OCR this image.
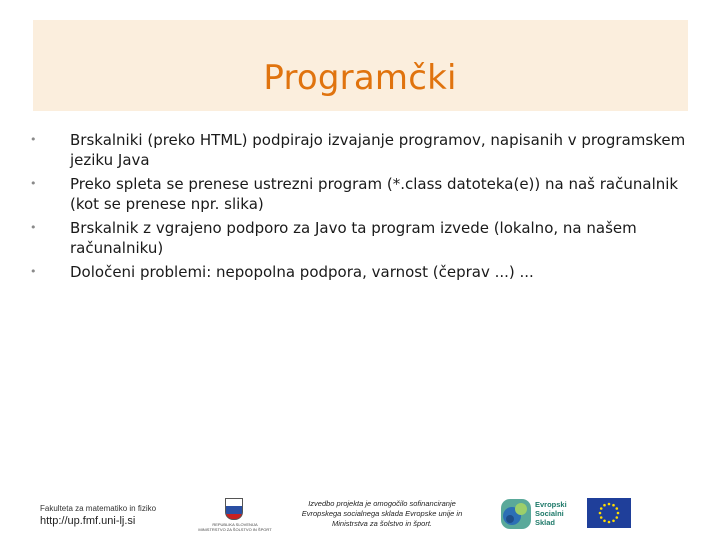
Programčki
• Brskalniki (preko HTML) podpirajo izvajanje programov, napisanih v programskem jeziku Java
• Preko spleta se prenese ustrezni program (*.class datoteka(e)) na naš računalnik (kot se prenese npr. slika)
• Brskalnik z vgrajeno podporo za Javo ta program izvede (lokalno, na našem računalniku)
• Določeni problemi: nepopolna podpora, varnost (čeprav ...) ...
Fakulteta za matematiko in fiziko
http://up.fmf.uni-lj.si	REPUBLIKA SLOVENIJA
MINISTRSTVO ZA ŠOLSTVO IN ŠPORT
Izvedbo projekta je omogočilo sofinanciranje
Evropskega socialnega sklada Evropske unije in
Ministrstva za šolstvo in šport.
Evropski
Socialni
Sklad
